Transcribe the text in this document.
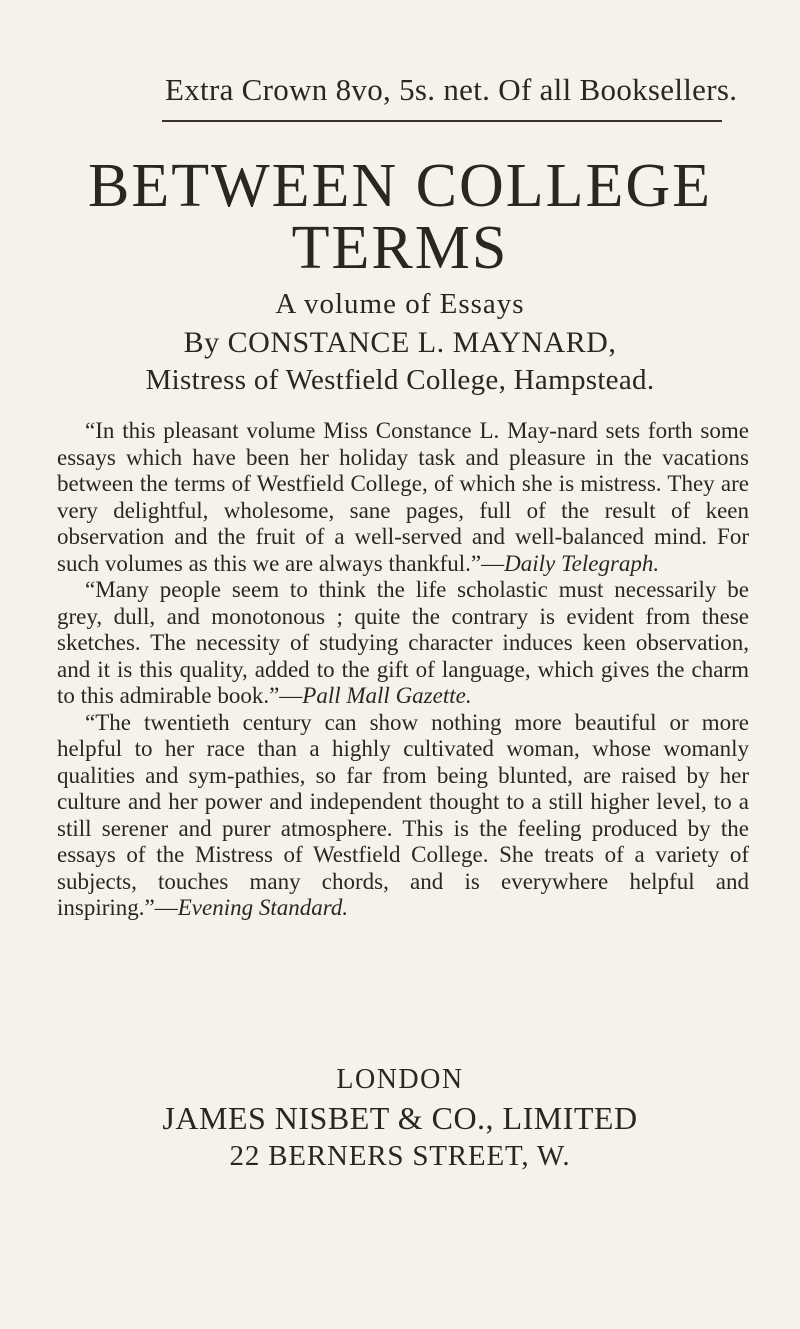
Extra Crown 8vo, 5s. net. Of all Booksellers.
BETWEEN COLLEGE
TERMS
A volume of Essays
By CONSTANCE L. MAYNARD,
Mistress of Westfield College, Hampstead.

“In this pleasant volume Miss Constance L. May-nard sets forth some essays which have been her holiday task and pleasure in the vacations between the terms of Westfield College, of which she is mistress. They are very delightful, wholesome, sane pages, full of the result of keen observation and the fruit of a well-served and well-balanced mind. For such volumes as this we are always thankful.”—Daily Telegraph.

“Many people seem to think the life scholastic must necessarily be grey, dull, and monotonous ; quite the contrary is evident from these sketches. The necessity of studying character induces keen observation, and it is this quality, added to the gift of language, which gives the charm to this admirable book.”—Pall Mall Gazette.

“The twentieth century can show nothing more beautiful or more helpful to her race than a highly cultivated woman, whose womanly qualities and sym-pathies, so far from being blunted, are raised by her culture and her power and independent thought to a still higher level, to a still serener and purer atmosphere. This is the feeling produced by the essays of the Mistress of Westfield College. She treats of a variety of subjects, touches many chords, and is everywhere helpful and inspiring.”—Evening Standard.

LONDON
JAMES NISBET & CO., LIMITED
22 BERNERS STREET, W.
